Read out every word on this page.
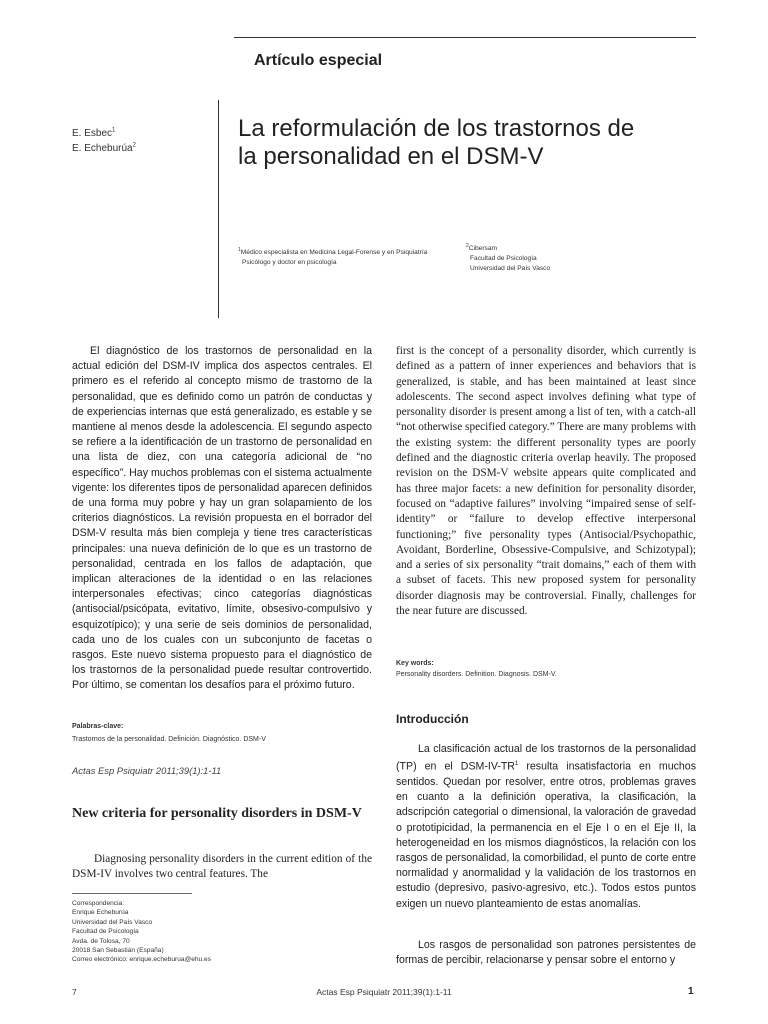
Artículo especial
E. Esbec$^1$
E. Echeburúa$^2$
La reformulación de los trastornos de
la personalidad en el DSM-V
$^1$Médico especialista en Medicina Legal-Forense y en Psiquiatría
Psicólogo y doctor en psicología
$^2$Cibersam
Facultad de Psicología
Universidad del País Vasco

El diagnóstico de los trastornos de personalidad en la actual edición del DSM-IV implica dos aspectos centrales. El primero es el referido al concepto mismo de trastorno de la personalidad, que es definido como un patrón de conductas y de experiencias internas que está generalizado, es estable y se mantiene al menos desde la adolescencia. El segundo aspecto se refiere a la identificación de un trastorno de personalidad en una lista de diez, con una categoría adicional de “no específico”. Hay muchos problemas con el sistema actualmente vigente: los diferentes tipos de personalidad aparecen definidos de una forma muy pobre y hay un gran solapamiento de los criterios diagnósticos. La revisión propuesta en el borrador del DSM-V resulta más bien compleja y tiene tres características principales: una nueva definición de lo que es un trastorno de personalidad, centrada en los fallos de adaptación, que implican alteraciones de la identidad o en las relaciones interpersonales efectivas; cinco categorías diagnósticas (antisocial/psicópata, evitativo, límite, obsesivo-compulsivo y esquizotípico); y una serie de seis dominios de personalidad, cada uno de los cuales con un subconjunto de facetas o rasgos. Este nuevo sistema propuesto para el diagnóstico de los trastornos de la personalidad puede resultar controvertido. Por último, se comentan los desafíos para el próximo futuro.

Palabras-clave:
Trastornos de la personalidad. Definición. Diagnóstico. DSM-V
Actas Esp Psiquiatr 2011;39(1):1-11
New criteria for personality disorders in DSM-V

Diagnosing personality disorders in the current edition of the DSM-IV involves two central features. The

Correspondencia:
Enrique Echeburúa
Universidad del País Vasco
Facultad de Psicología
Avda. de Tolosa, 70
20018 San Sebastián (España)
Correo electrónico: enrique.echeburua@ehu.es

first is the concept of a personality disorder, which currently is defined as a pattern of inner experiences and behaviors that is generalized, is stable, and has been maintained at least since adolescents. The second aspect involves defining what type of personality disorder is present among a list of ten, with a catch-all “not otherwise specified category.” There are many problems with the existing system: the different personality types are poorly defined and the diagnostic criteria overlap heavily. The proposed revision on the DSM-V website appears quite complicated and has three major facets: a new definition for personality disorder, focused on “adaptive failures” involving “impaired sense of self-identity” or “failure to develop effective interpersonal functioning;” five personality types (Antisocial/Psychopathic, Avoidant, Borderline, Obsessive-Compulsive, and Schizotypal); and a series of six personality “trait domains,” each of them with a subset of facets. This new proposed system for personality disorder diagnosis may be controversial. Finally, challenges for the near future are discussed.

Key words:
Personality disorders. Definition. Diagnosis. DSM-V.
Introducción

La clasificación actual de los trastornos de la personalidad (TP) en el DSM-$IV-TR^1$ resulta insatisfactoria en muchos sentidos. Quedan por resolver, entre otros, problemas graves en cuanto a la definición operativa, la clasificación, la adscripción categorial o dimensional, la valoración de gravedad o prototipicidad, la permanencia en el Eje I o en el Eje II, la heterogeneidad en los mismos diagnósticos, la relación con los rasgos de personalidad, la comorbilidad, el punto de corte entre normalidad y anormalidad y la validación de los trastornos en estudio (depresivo, pasivo-agresivo, etc.). Todos estos puntos exigen un nuevo planteamiento de estas anomalías.

Los rasgos de personalidad son patrones persistentes de formas de percibir, relacionarse y pensar sobre el entorno y

Actas Esp Psiquiatr 2011;39(1):1-11
7	1
